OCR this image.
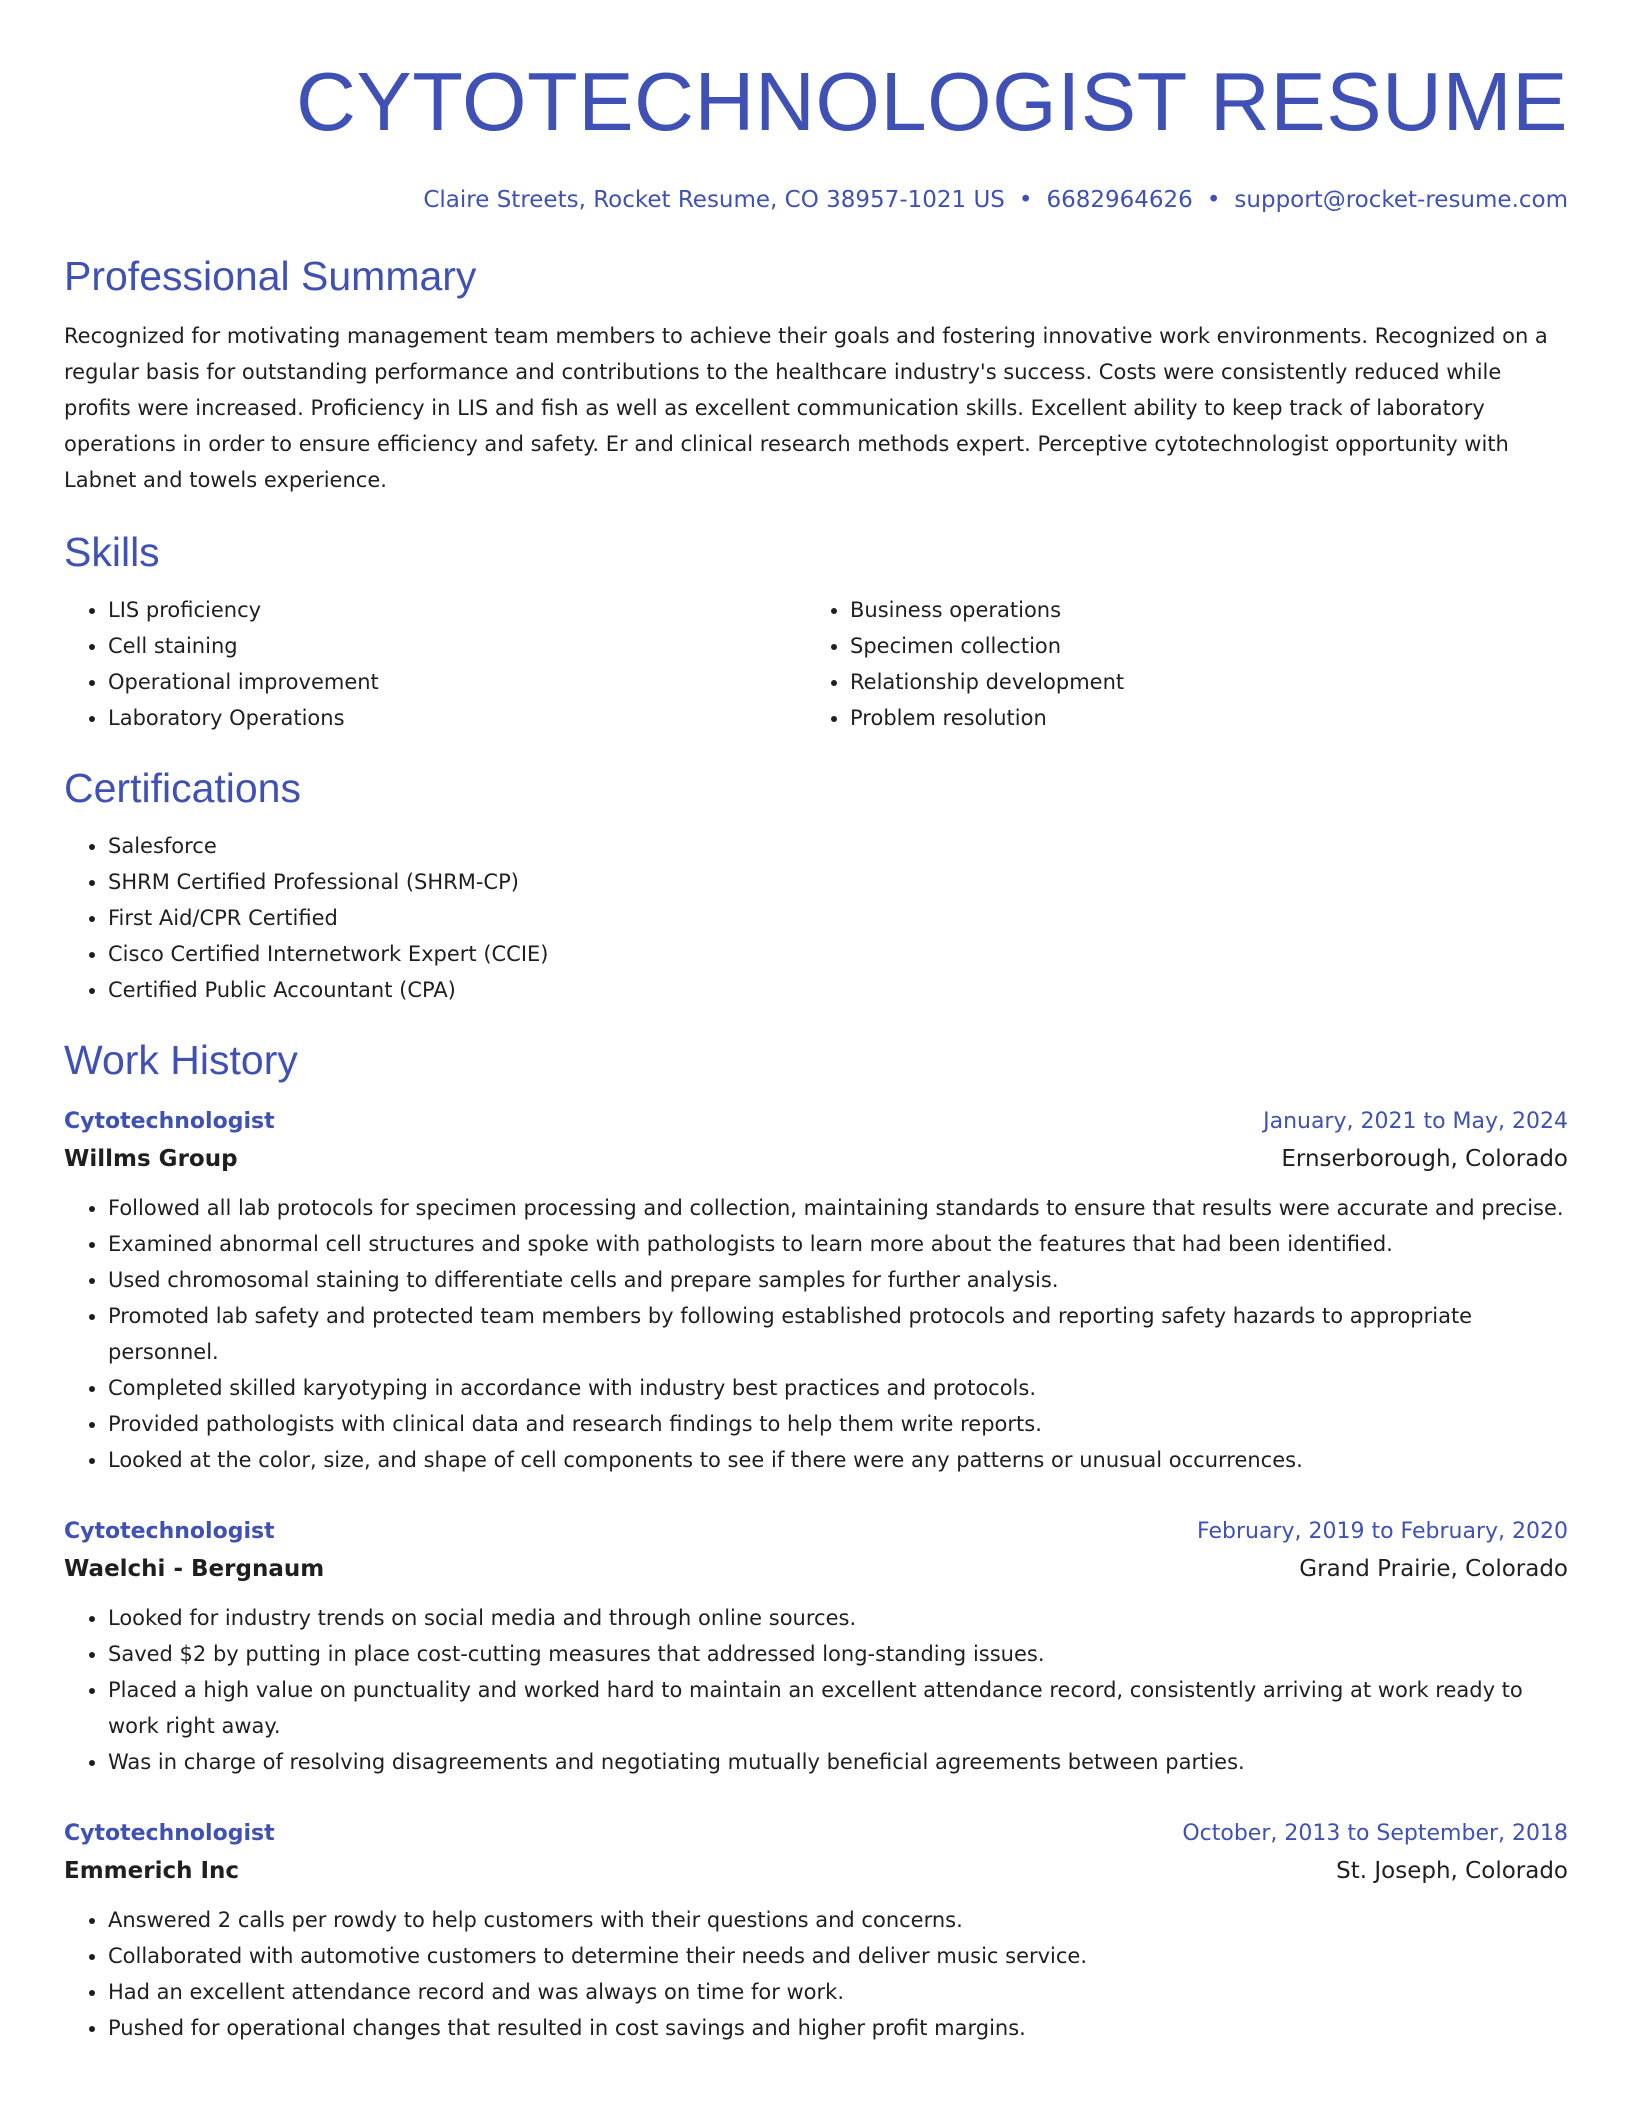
CYTOTECHNOLOGIST RESUME
Claire Streets, Rocket Resume, CO 38957-1021 US • 6682964626 • support@rocket-resume.com
Professional Summary
Recognized for motivating management team members to achieve their goals and fostering innovative work environments. Recognized on a regular basis for outstanding performance and contributions to the healthcare industry's success. Costs were consistently reduced while profits were increased. Proficiency in LIS and fish as well as excellent communication skills. Excellent ability to keep track of laboratory operations in order to ensure efficiency and safety. Er and clinical research methods expert. Perceptive cytotechnologist opportunity with Labnet and towels experience.
Skills
• LIS proficiency
• Cell staining
• Operational improvement
• Laboratory Operations
• Business operations
• Specimen collection
• Relationship development
• Problem resolution
Certifications
• Salesforce
• SHRM Certified Professional (SHRM-CP)
• First Aid/CPR Certified
• Cisco Certified Internetwork Expert (CCIE)
• Certified Public Accountant (CPA)
Work History
Cytotechnologist	January, 2021 to May, 2024
Willms Group	Ernserborough, Colorado
• Followed all lab protocols for specimen processing and collection, maintaining standards to ensure that results were accurate and precise.
• Examined abnormal cell structures and spoke with pathologists to learn more about the features that had been identified.
• Used chromosomal staining to differentiate cells and prepare samples for further analysis.
• Promoted lab safety and protected team members by following established protocols and reporting safety hazards to appropriate personnel.
• Completed skilled karyotyping in accordance with industry best practices and protocols.
• Provided pathologists with clinical data and research findings to help them write reports.
• Looked at the color, size, and shape of cell components to see if there were any patterns or unusual occurrences.
Cytotechnologist	February, 2019 to February, 2020
Waelchi - Bergnaum	Grand Prairie, Colorado
• Looked for industry trends on social media and through online sources.
• Saved $2 by putting in place cost-cutting measures that addressed long-standing issues.
• Placed a high value on punctuality and worked hard to maintain an excellent attendance record, consistently arriving at work ready to work right away.
• Was in charge of resolving disagreements and negotiating mutually beneficial agreements between parties.
Cytotechnologist	October, 2013 to September, 2018
Emmerich Inc	St. Joseph, Colorado
• Answered 2 calls per rowdy to help customers with their questions and concerns.
• Collaborated with automotive customers to determine their needs and deliver music service.
• Had an excellent attendance record and was always on time for work.
• Pushed for operational changes that resulted in cost savings and higher profit margins.
